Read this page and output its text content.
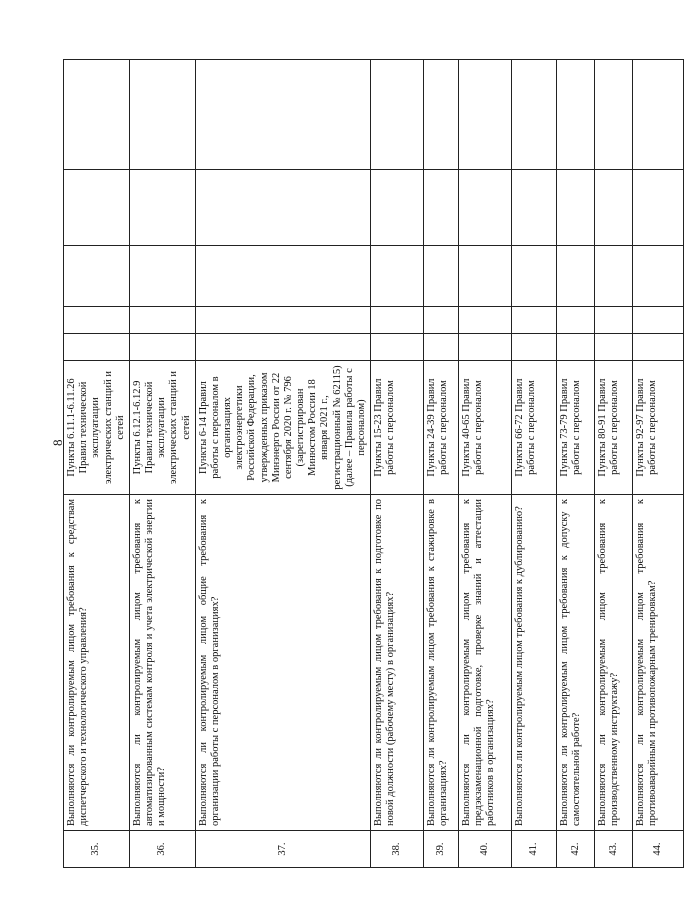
8
35.	Выполняются ли контролируемым лицом требования к средствам диспетчерского и технологического управления?	Пункты 6.11.1-6.11.26 Правил технической эксплуатации электрических станций и сетей					
36.	Выполняются ли контролируемым лицом требования к автоматизированным системам контроля и учета электрической энергии и мощности?	Пункты 6.12.1-6.12.9 Правил технической эксплуатации электрических станций и сетей					
37.	Выполняются ли контролируемым лицом общие требования к организации работы с персоналом в организациях?	Пункты 6-14 Правил работы с персоналом в организациях электроэнергетики Российской Федерации, утвержденных приказом Минэнерго России от 22 сентября 2020 г. № 796 (зарегистрирован Минюстом России 18 января 2021 г., регистрационный № 62115) (далее – Правила работы с персоналом)					
38.	Выполняются ли контролируемым лицом требования к подготовке по новой должности (рабочему месту) в организациях?	Пункты 15-23 Правил работы с персоналом					
39.	Выполняются ли контролируемым лицом требования к стажировке в организациях?	Пункты 24-39 Правил работы с персоналом					
40.	Выполняются ли контролируемым лицом требования к предэкзаменационной подготовке, проверке знаний и аттестации работников в организациях?	Пункты 40-65 Правил работы с персоналом					
41.	Выполняются ли контролируемым лицом требования к дублированию?	Пункты 66-72 Правил работы с персоналом					
42.	Выполняются ли контролируемым лицом требования к допуску к самостоятельной работе?	Пункты 73-79 Правил работы с персоналом					
43.	Выполняются ли контролируемым лицом требования к производственному инструктажу?	Пункты 80-91 Правил работы с персоналом					
44.	Выполняются ли контролируемым лицом требования к противоаварийным и противопожарным тренировкам?	Пункты 92-97 Правил работы с персоналом					
